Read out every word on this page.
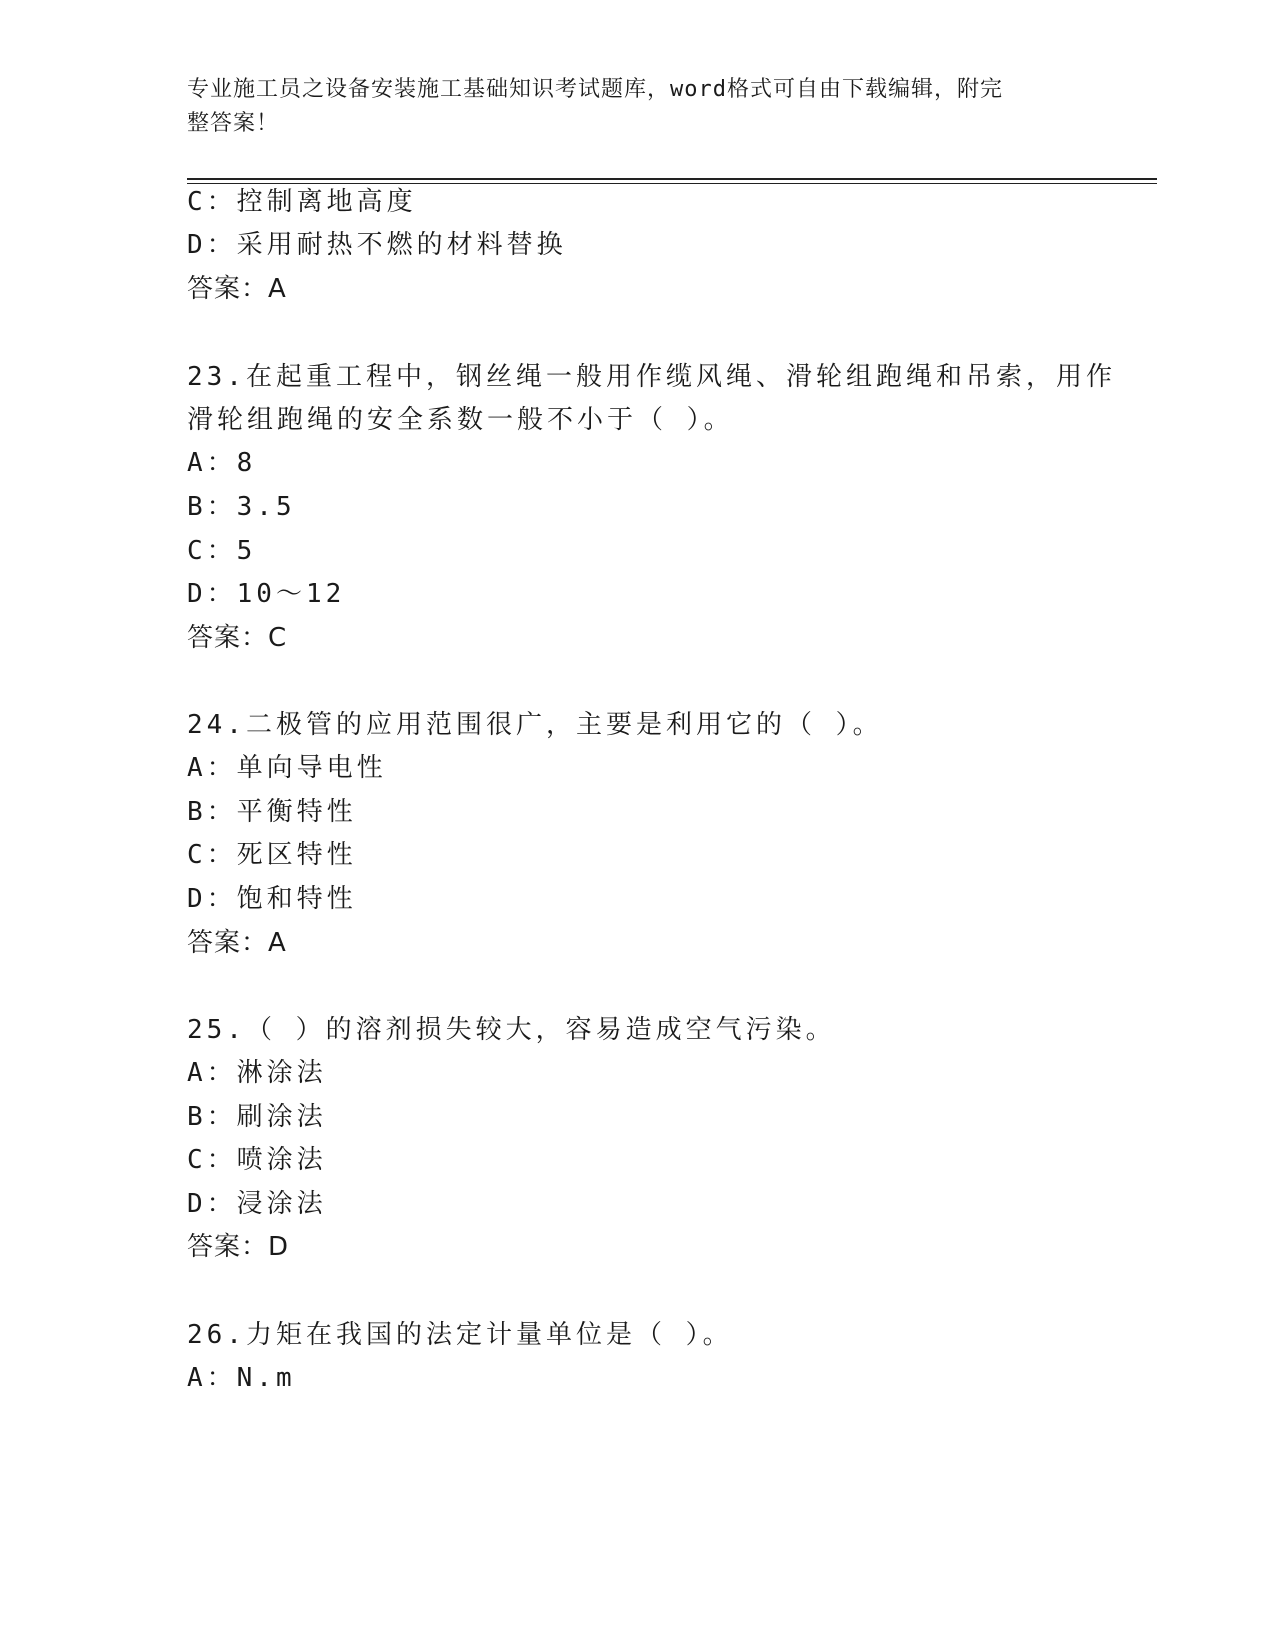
专业施工员之设备安装施工基础知识考试题库，word格式可自由下载编辑，附完
整答案！
C：控制离地高度
D：采用耐热不燃的材料替换
答案：A
23.在起重工程中，钢丝绳一般用作缆风绳、滑轮组跑绳和吊索，用作
滑轮组跑绳的安全系数一般不小于（ ）。
A：8
B：3.5
C：5
D：10～12
答案：C
24.二极管的应用范围很广，主要是利用它的（ ）。
A：单向导电性
B：平衡特性
C：死区特性
D：饱和特性
答案：A
25.（ ）的溶剂损失较大，容易造成空气污染。
A：淋涂法
B：刷涂法
C：喷涂法
D：浸涂法
答案：D
26.力矩在我国的法定计量单位是（ ）。
A：N.m
